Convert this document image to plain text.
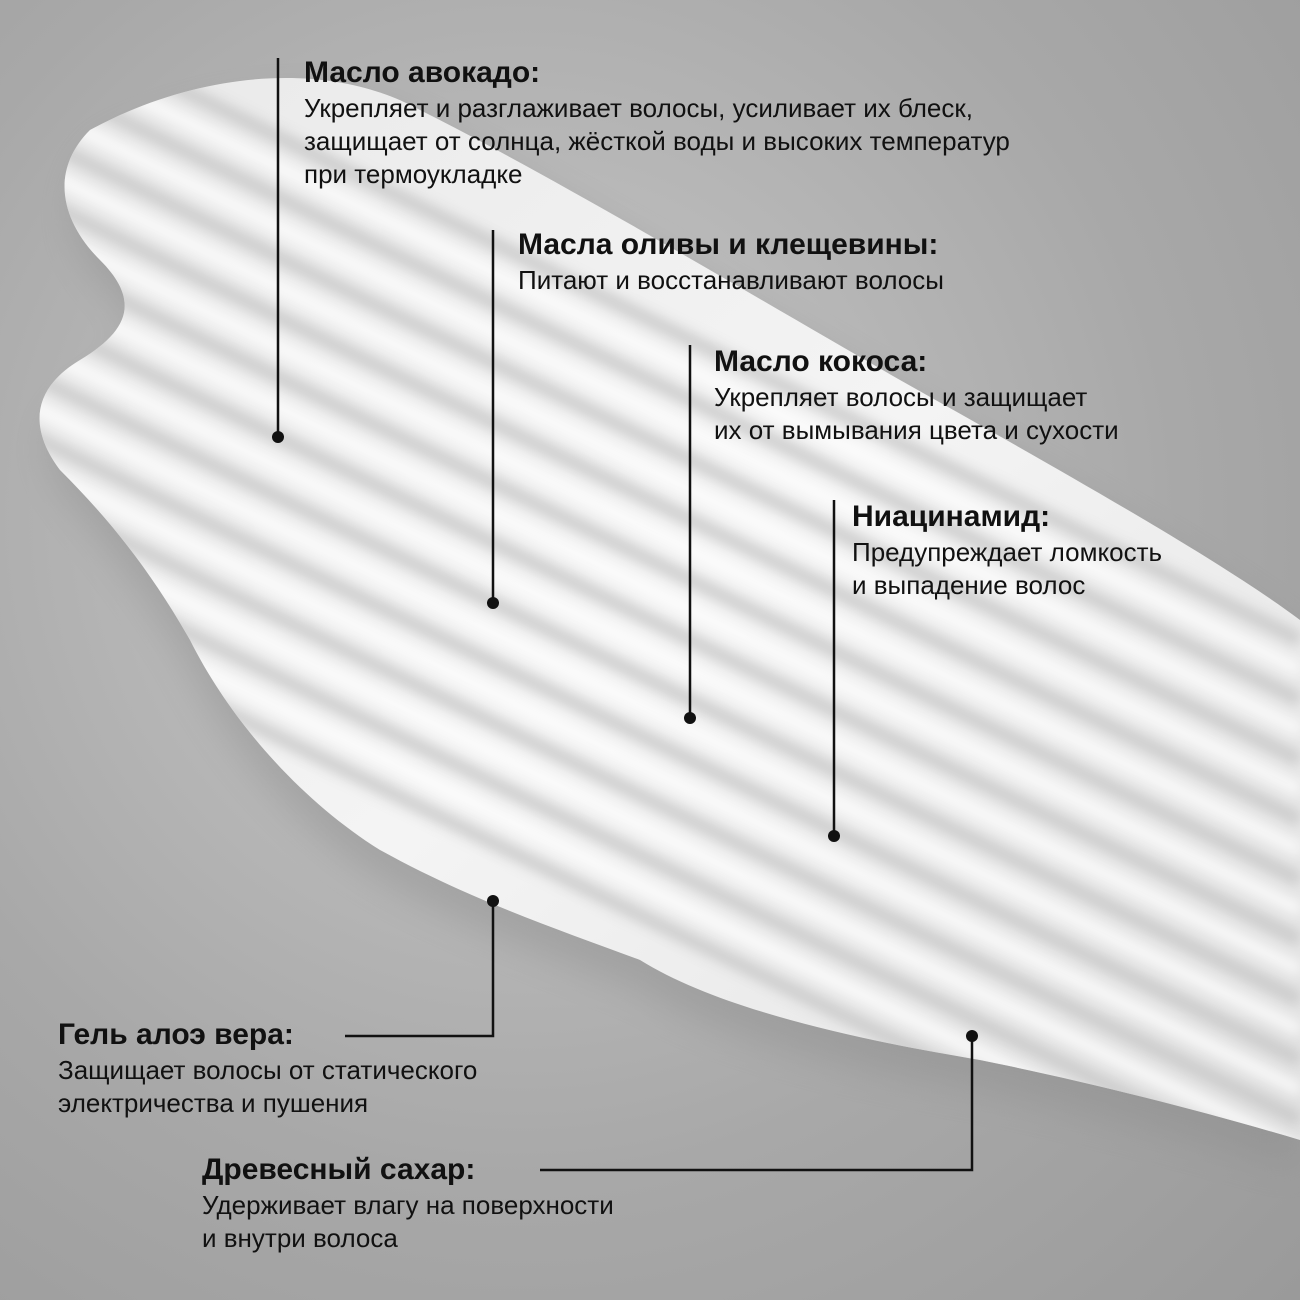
Масло авокадо:
Укрепляет и разглаживает волосы, усиливает их блеск,
защищает от солнца, жёсткой воды и высоких температур
при термоукладке
Масла оливы и клещевины:
Питают и восстанавливают волосы
Масло кокоса:
Укрепляет волосы и защищает
их от вымывания цвета и сухости
Ниацинамид:
Предупреждает ломкость
и выпадение волос
Гель алоэ вера:
Защищает волосы от статического
электричества и пушения
Древесный сахар:
Удерживает влагу на поверхности
и внутри волоса
